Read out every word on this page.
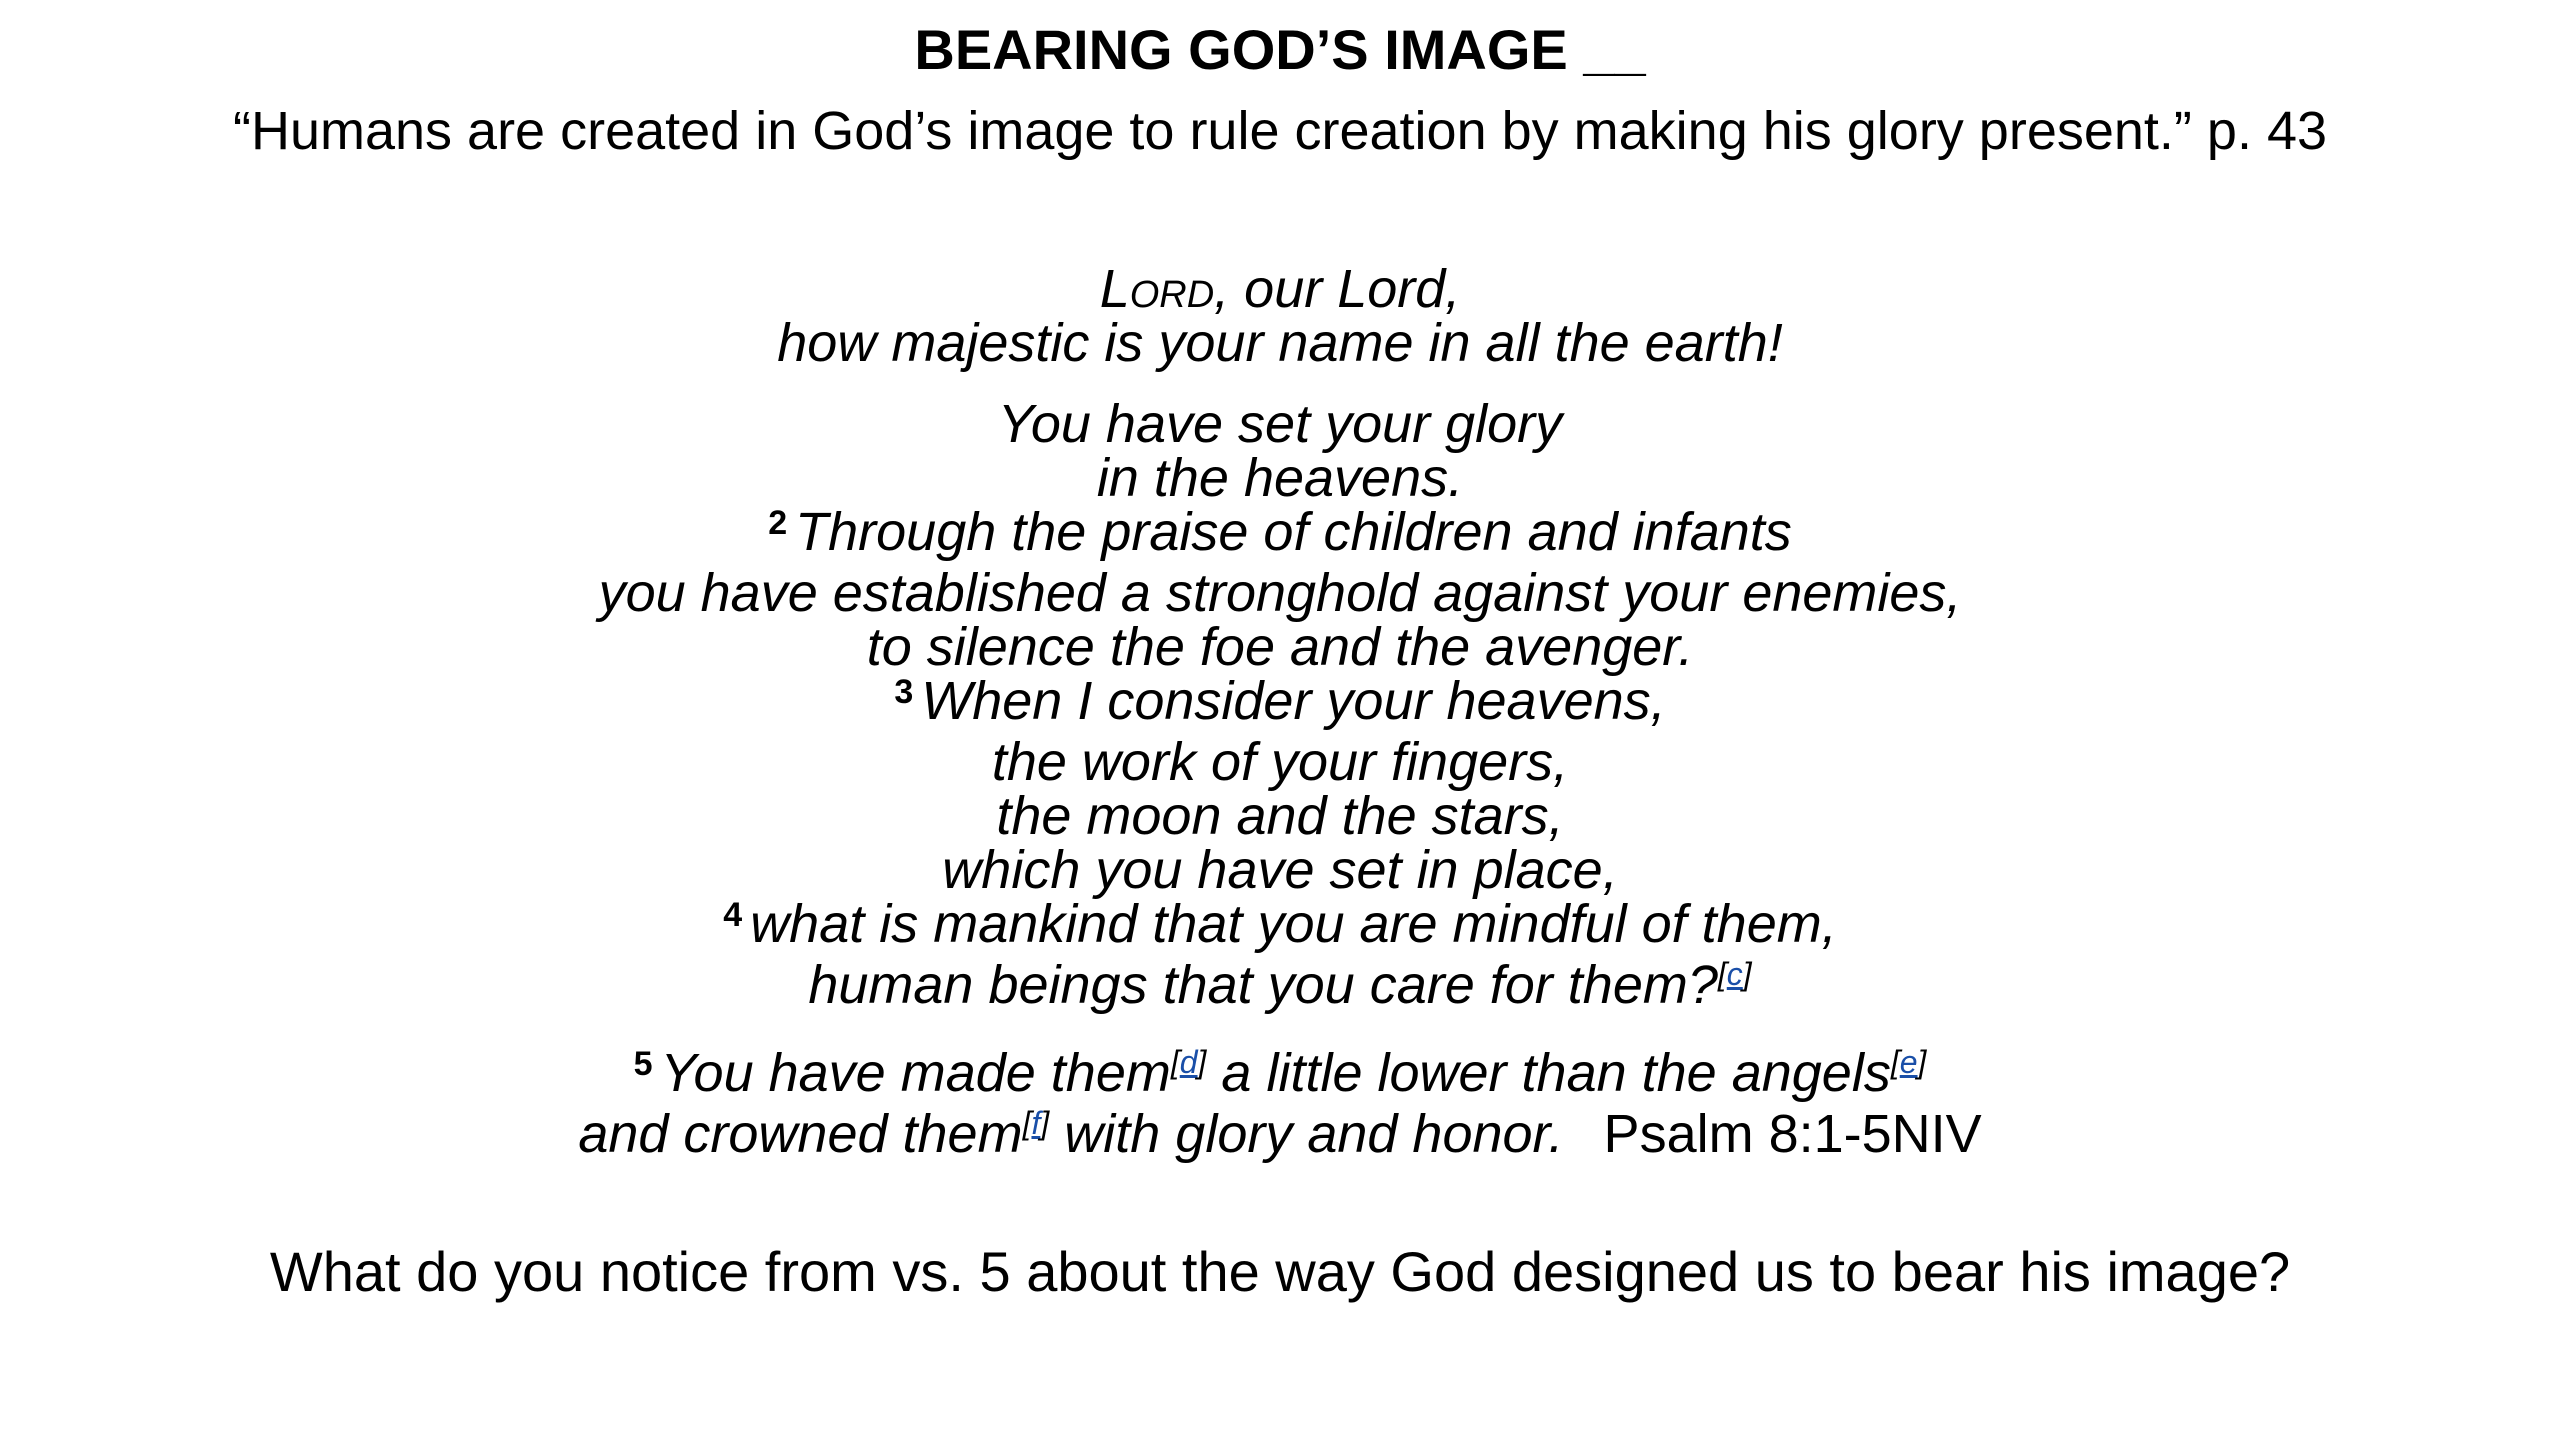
BEARING GOD’S IMAGE __
“Humans are created in God’s image to rule creation by making his glory present.” p. 43
Lord, our Lord,
how majestic is your name in all the earth!
You have set your glory
in the heavens.
$^2$ Through the praise of children and infants
you have established a stronghold against your enemies,
to silence the foe and the avenger.
$^3$ When I consider your heavens,
the work of your fingers,
the moon and the stars,
which you have set in place,
$^4$ what is mankind that you are mindful of them,
human beings that you care for them?[c]
$^5$ You have made them[d] a little lower than the angels[e]
and crowned them[f] with glory and honor. Psalm 8:1-5NIV
What do you notice from vs. 5 about the way God designed us to bear his image?
